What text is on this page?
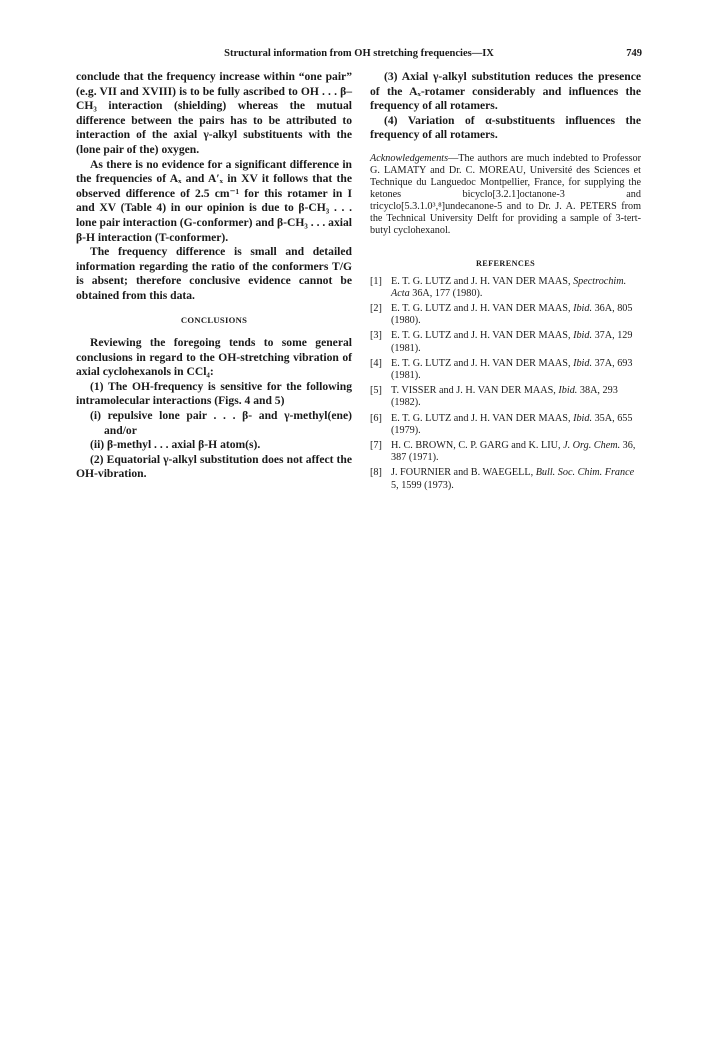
Structural information from OH stretching frequencies—IX	749

conclude that the frequency increase within “one pair” (e.g. VII and XVIII) is to be fully ascribed to OH . . . β–CH₃ interaction (shielding) whereas the mutual difference between the pairs has to be attributed to interaction of the axial γ-alkyl substituents with the (lone pair of the) oxygen.

As there is no evidence for a significant difference in the frequencies of Aₓ and A′ₓ in XV it follows that the observed difference of 2.5 cm⁻¹ for this rotamer in I and XV (Table 4) in our opinion is due to β-CH₃ . . . lone pair interaction (G-conformer) and β-CH₃ . . . axial β-H interaction (T-conformer).

The frequency difference is small and detailed information regarding the ratio of the conformers T/G is absent; therefore conclusive evidence cannot be obtained from this data.

CONCLUSIONS

Reviewing the foregoing tends to some general conclusions in regard to the OH-stretching vibration of axial cyclohexanols in CCl₄:

(1) The OH-frequency is sensitive for the following intramolecular interactions (Figs. 4 and 5)

(i) repulsive lone pair . . . β- and γ-methyl(ene) and/or

(ii) β-methyl . . . axial β-H atom(s).

(2) Equatorial γ-alkyl substitution does not affect the OH-vibration.

(3) Axial γ-alkyl substitution reduces the presence of the Aₓ-rotamer considerably and influences the frequency of all rotamers.

(4) Variation of α-substituents influences the frequency of all rotamers.

Acknowledgements—The authors are much indebted to Professor G. LAMATY and Dr. C. MOREAU, Université des Sciences et Technique du Languedoc Montpellier, France, for supplying the ketones bicyclo[3.2.1]octanone-3 and tricyclo[5.3.1.0³,⁸]undecanone-5 and to Dr. J. A. PETERS from the Technical University Delft for providing a sample of 3-tert-butyl cyclohexanol.

REFERENCES
[1] E. T. G. LUTZ and J. H. VAN DER MAAS, Spectrochim. Acta 36A, 177 (1980).
[2] E. T. G. LUTZ and J. H. VAN DER MAAS, Ibid. 36A, 805 (1980).
[3] E. T. G. LUTZ and J. H. VAN DER MAAS, Ibid. 37A, 129 (1981).
[4] E. T. G. LUTZ and J. H. VAN DER MAAS, Ibid. 37A, 693 (1981).
[5] T. VISSER and J. H. VAN DER MAAS, Ibid. 38A, 293 (1982).
[6] E. T. G. LUTZ and J. H. VAN DER MAAS, Ibid. 35A, 655 (1979).
[7] H. C. BROWN, C. P. GARG and K. LIU, J. Org. Chem. 36, 387 (1971).
[8] J. FOURNIER and B. WAEGELL, Bull. Soc. Chim. France 5, 1599 (1973).
